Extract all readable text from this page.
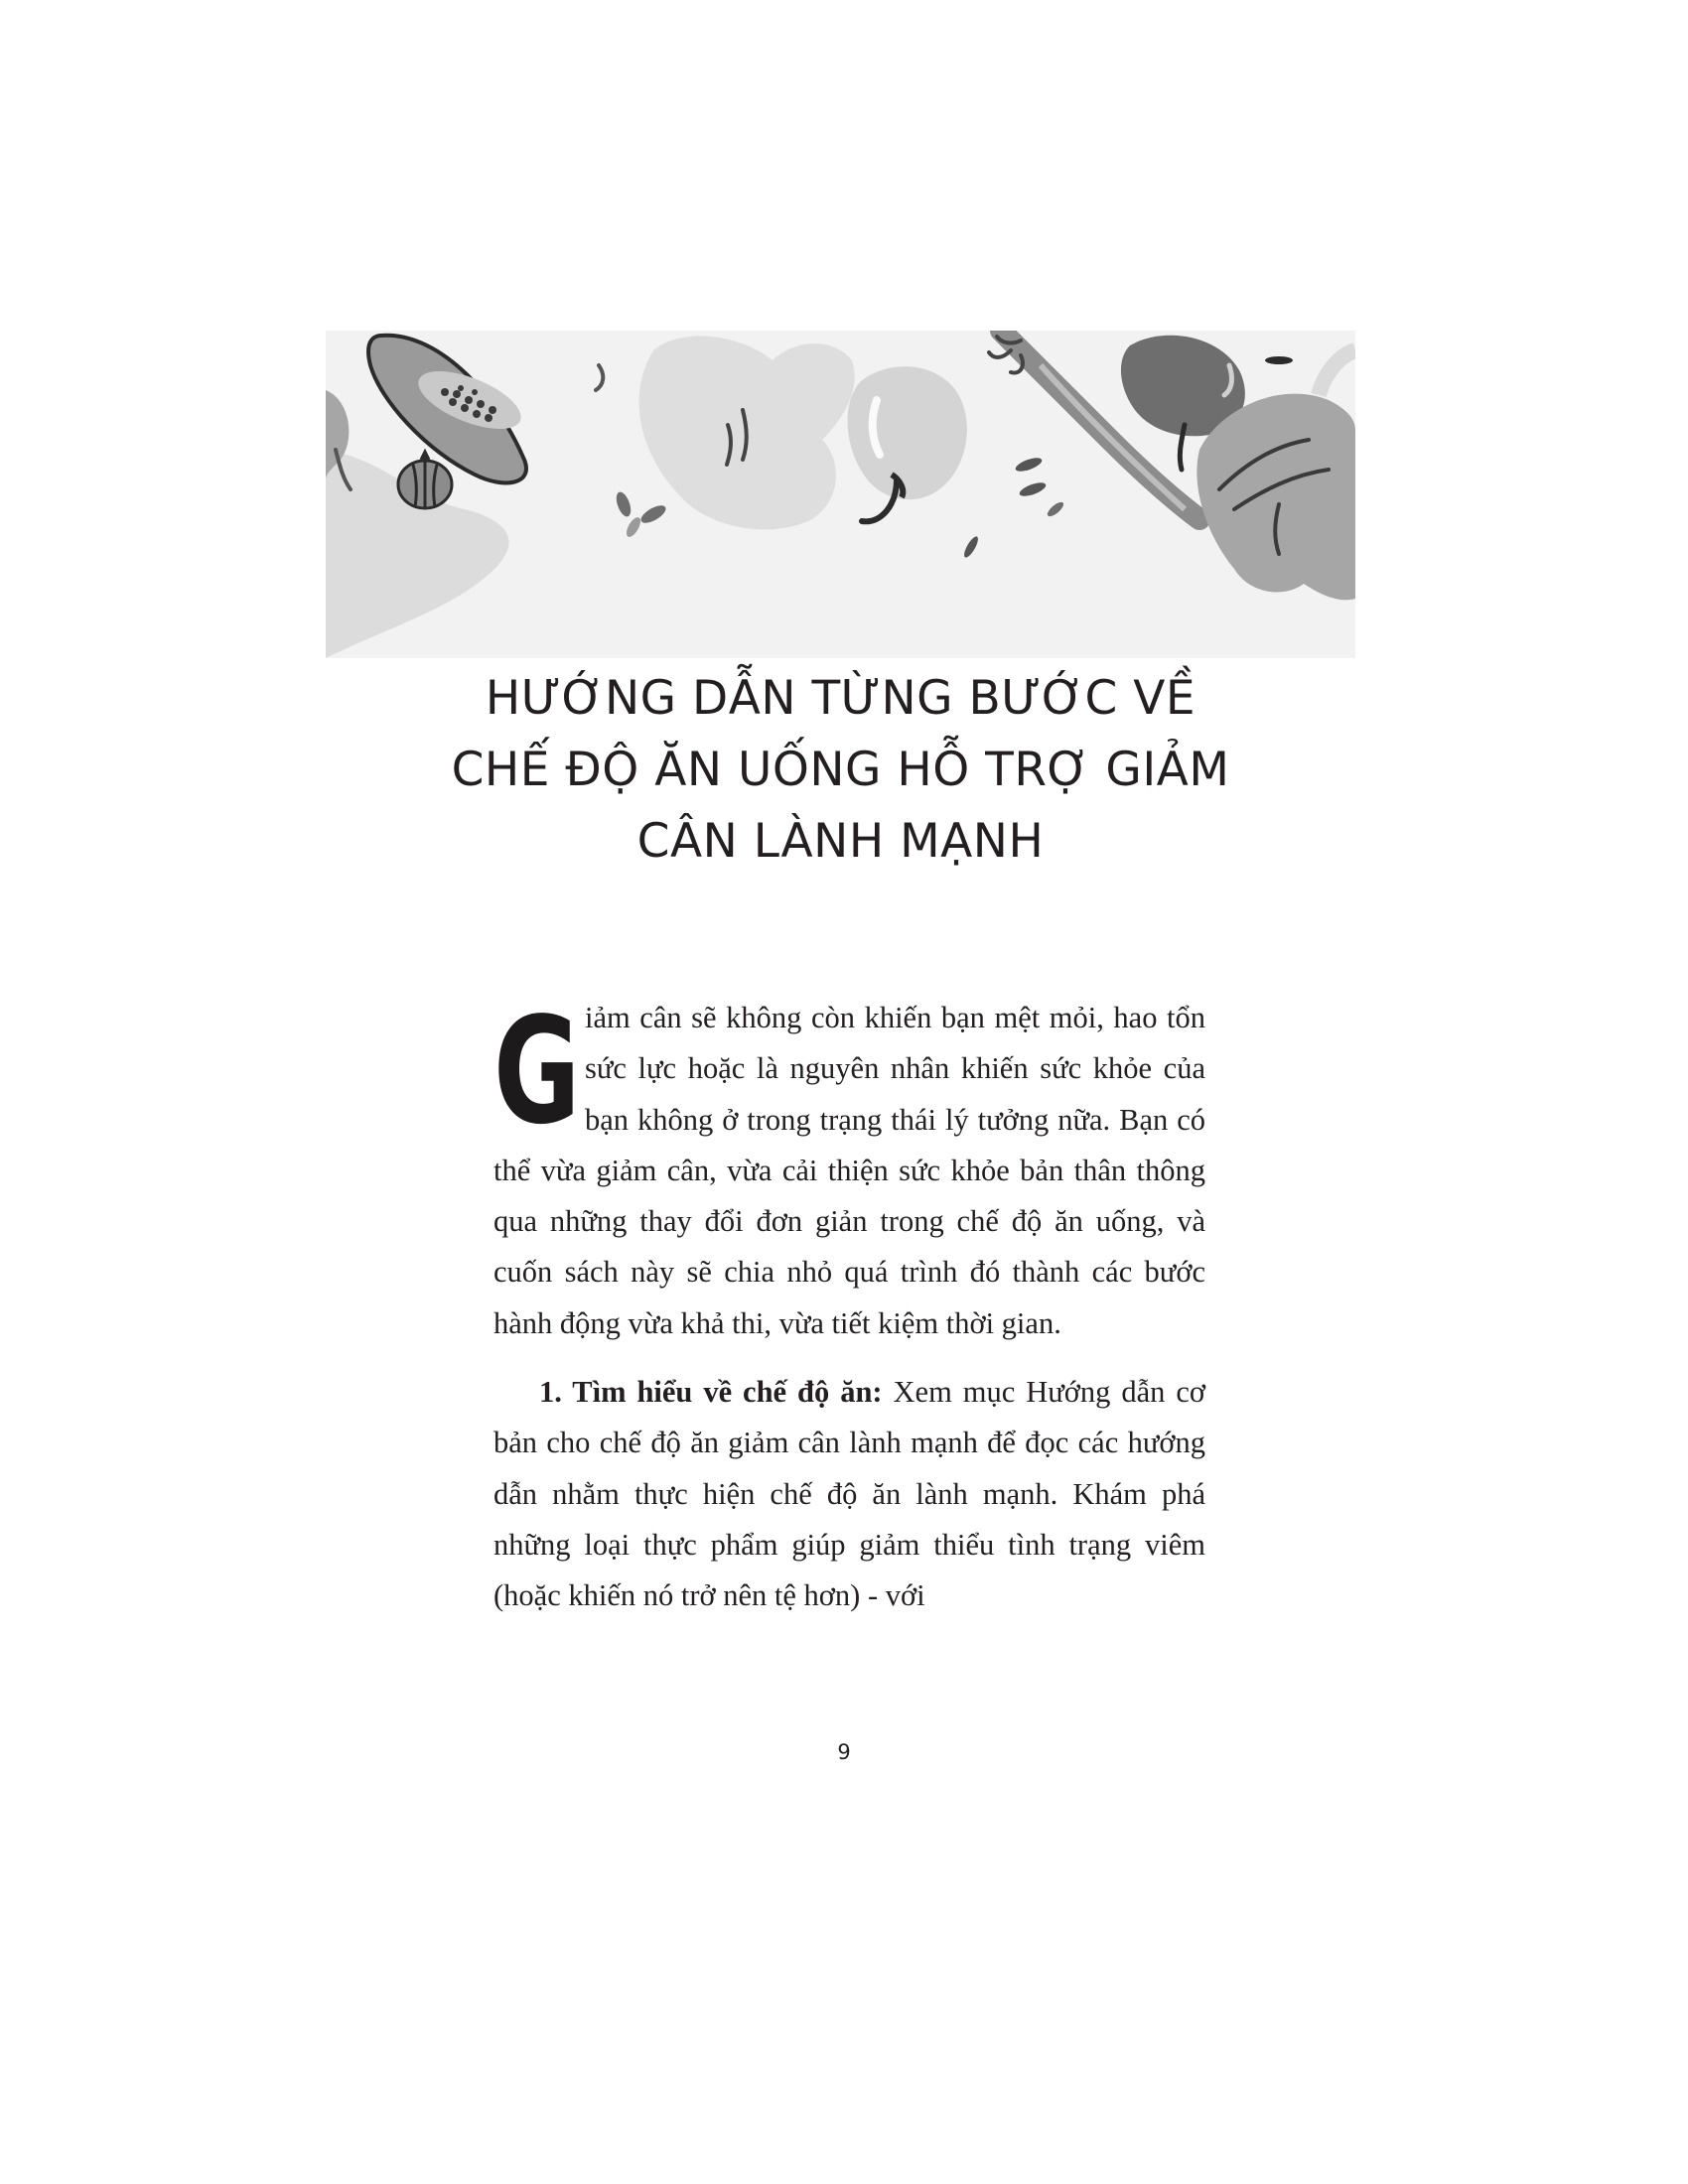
HƯỚNG DẪN TỪNG BƯỚC VỀ
CHẾ ĐỘ ĂN UỐNG HỖ TRỢ GIẢM
CÂN LÀNH MẠNH

Giảm cân sẽ không còn khiến bạn mệt mỏi, hao tổn sức lực hoặc là nguyên nhân khiến sức khỏe của bạn không ở trong trạng thái lý tưởng nữa. Bạn có thể vừa giảm cân, vừa cải thiện sức khỏe bản thân thông qua những thay đổi đơn giản trong chế độ ăn uống, và cuốn sách này sẽ chia nhỏ quá trình đó thành các bước hành động vừa khả thi, vừa tiết kiệm thời gian.

1. Tìm hiểu về chế độ ăn: Xem mục Hướng dẫn cơ bản cho chế độ ăn giảm cân lành mạnh để đọc các hướng dẫn nhằm thực hiện chế độ ăn lành mạnh. Khám phá những loại thực phẩm giúp giảm thiểu tình trạng viêm (hoặc khiến nó trở nên tệ hơn) - với

9
